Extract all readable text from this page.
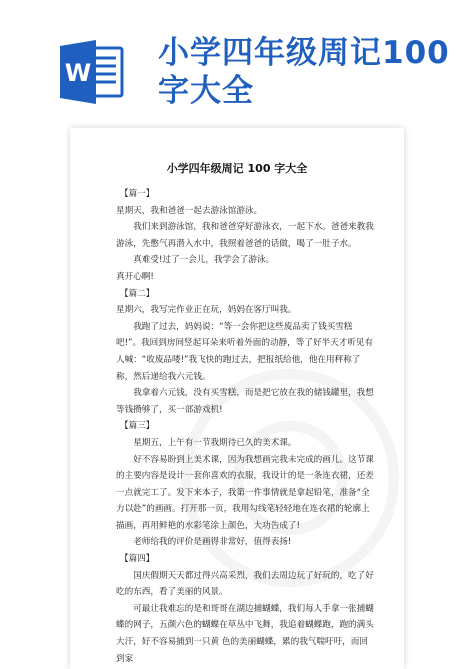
W
小学四年级周记100字大全
小学四年级周记 100 字大全

【篇一】

星期天，我和爸爸一起去游泳馆游泳。

我们来到游泳馆，我和爸爸穿好游泳衣，一起下水。爸爸来教我游泳，先憋气再潜入水中，我照着爸爸的话做，喝了一肚子水。

真难受!过了一会儿，我学会了游泳。

真开心啊!

【篇二】

星期六，我写完作业正在玩，妈妈在客厅叫我。

我跑了过去，妈妈说：“等一会你把这些废品卖了钱买雪糕吧!”。我回到房间竖起耳朵来听着外面的动静，等了好半天才听见有人喊：“收废品喽!”我飞快的跑过去，把报纸给他，他在用秤称了称，然后递给我六元钱。

我拿着六元钱，没有买雪糕，而是把它放在我的储钱罐里，我想等钱攒够了，买一部游戏机!

【篇三】

星期五，上午有一节我期待已久的美术课。

好不容易盼到上美术课，因为我想画完我未完成的画儿。这节课的主要内容是设计一套你喜欢的衣服，我设计的是一条连衣裙，还差一点就完工了。发下来本子，我第一件事情就是拿起铅笔，准备“全力以赴”的画画。打开那一页，我用勾线笔轻轻地在连衣裙的轮廓上描画，再用鲜艳的水彩笔涂上颜色，大功告成了!

老师给我的评价是画得非常好，值得表扬!

【篇四】

国庆假期天天都过得兴高采烈，我们去周边玩了好玩的，吃了好吃的东西，看了美丽的风景。

可最让我难忘的是和哥哥在湖边捕蝴蝶，我们每人手拿一张捕蝴蝶的网子，五颜六色的蝴蝶在草丛中飞舞，我追着蝴蝶跑，跑的满头大汗，好不容易捕到一只黄 色的美丽蝴蝶，累的我气喘吁吁，而回到家
